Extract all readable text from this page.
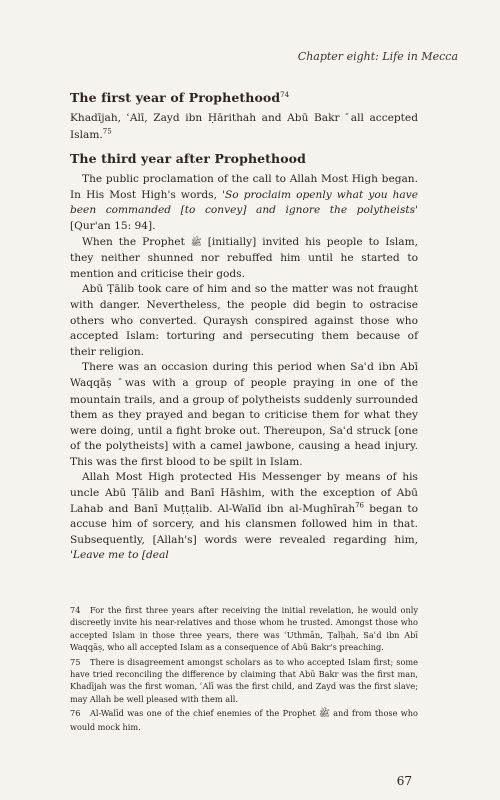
Chapter eight: Life in Mecca
The first year of Prophethood$^{74}$

Khadījah, ʿAlī, Zayd ibn Ḥārithah and Abū Bakr all accepted Islam.$^{75}$

The third year after Prophethood

The public proclamation of the call to Allah Most High began. In His Most High's words, 'So proclaim openly what you have been commanded [to convey] and ignore the polytheists' [Qur'an 15: 94].

When the Prophet ﷺ [initially] invited his people to Islam, they neither shunned nor rebuffed him until he started to mention and criticise their gods.

Abū Ṭālib took care of him and so the matter was not fraught with danger. Nevertheless, the people did begin to ostracise others who converted. Quraysh conspired against those who accepted Islam: torturing and persecuting them because of their religion.

There was an occasion during this period when Saʿd ibn Abī Waqqāṣ was with a group of people praying in one of the mountain trails, and a group of polytheists suddenly surrounded them as they prayed and began to criticise them for what they were doing, until a fight broke out. Thereupon, Saʿd struck [one of the polytheists] with a camel jawbone, causing a head injury. This was the first blood to be spilt in Islam.

Allah Most High protected His Messenger by means of his uncle Abū Ṭālib and Banī Hāshim, with the exception of Abū Lahab and Banī Muṭṭalib. Al-Walīd ibn al-Mughīrah$^{76}$ began to accuse him of sorcery, and his clansmen followed him in that. Subsequently, [Allah's] words were revealed regarding him, 'Leave me to [deal

74 For the first three years after receiving the initial revelation, he would only discreetly invite his near-relatives and those whom he trusted. Amongst those who accepted Islam in those three years, there was ʿUthmān, Ṭalḥah, Saʿd ibn Abī Waqqāṣ, who all accepted Islam as a consequence of Abū Bakr's preaching.

75 There is disagreement amongst scholars as to who accepted Islam first; some have tried reconciling the difference by claiming that Abū Bakr was the first man, Khadījah was the first woman, ʿAlī was the first child, and Zayd was the first slave; may Allah be well pleased with them all.

76 Al-Walīd was one of the chief enemies of the Prophet ﷺ and from those who would mock him.

67
